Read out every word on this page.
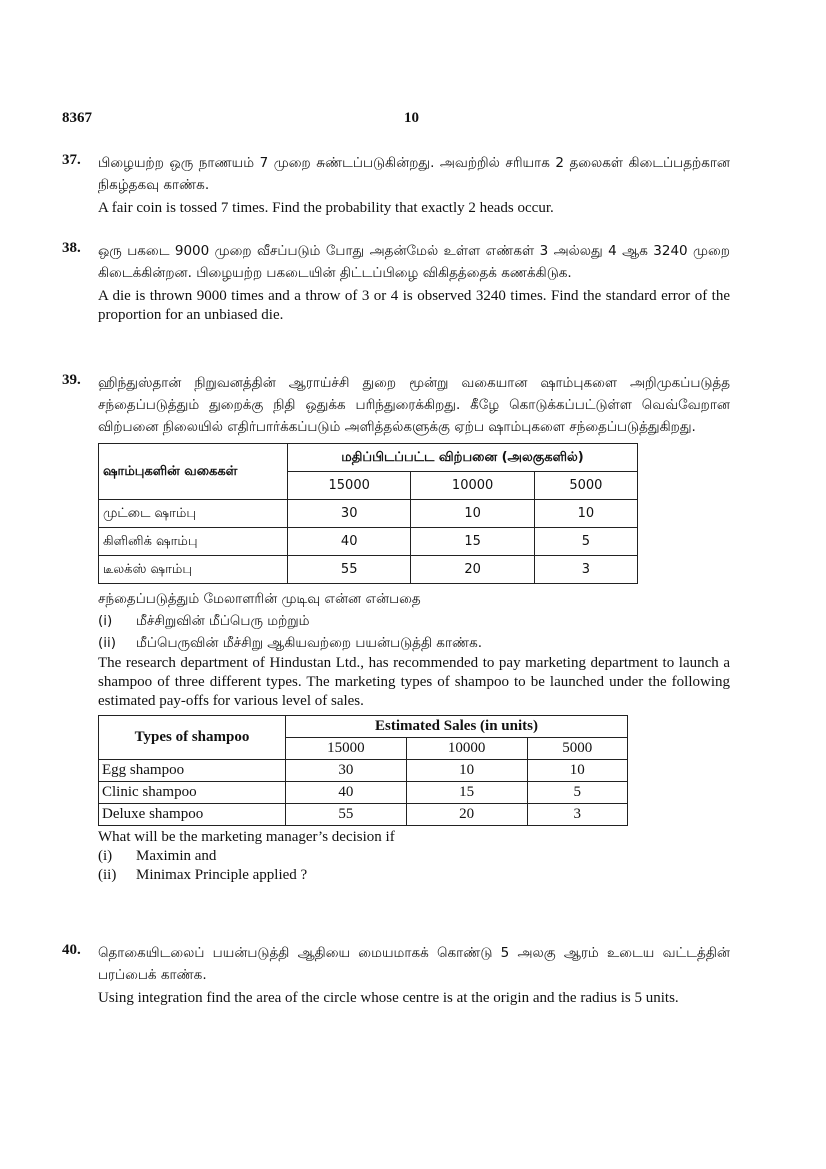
8367	10
37. பிழையற்ற ஒரு நாணயம் 7 முறை சுண்டப்படுகின்றது. அவற்றில் சரியாக 2 தலைகள் கிடைப்பதற்கான நிகழ்தகவு காண்க.
A fair coin is tossed 7 times. Find the probability that exactly 2 heads occur.
38. ஒரு பகடை 9000 முறை வீசப்படும் போது அதன்மேல் உள்ள எண்கள் 3 அல்லது 4 ஆக 3240 முறை கிடைக்கின்றன. பிழையற்ற பகடையின் திட்டப்பிழை விகிதத்தைக் கணக்கிடுக.
A die is thrown 9000 times and a throw of 3 or 4 is observed 3240 times. Find the standard error of the proportion for an unbiased die.
39. ஹிந்துஸ்தான் நிறுவனத்தின் ஆராய்ச்சி துறை மூன்று வகையான ஷாம்புகளை அறிமுகப்படுத்த சந்தைப்படுத்தும் துறைக்கு நிதி ஒதுக்க பரிந்துரைக்கிறது. கீழே கொடுக்கப்பட்டுள்ள வெவ்வேறான விற்பனை நிலையில் எதிர்பார்க்கப்படும் அளித்தல்களுக்கு ஏற்ப ஷாம்புகளை சந்தைப்படுத்துகிறது.
ஷாம்புகளின் வகைகள்	மதிப்பிடப்பட்ட விற்பனை (அலகுகளில்)		
	15000	10000	5000
முட்டை ஷாம்பு	30	10	10
கிளினிக் ஷாம்பு	40	15	5
டீலக்ஸ் ஷாம்பு	55	20	3
சந்தைப்படுத்தும் மேலாளரின் முடிவு என்ன என்பதை
(i)	மீச்சிறுவின் மீப்பெரு மற்றும்
(ii)	மீப்பெருவின் மீச்சிறு ஆகியவற்றை பயன்படுத்தி காண்க.
The research department of Hindustan Ltd., has recommended to pay marketing department to launch a shampoo of three different types. The marketing types of shampoo to be launched under the following estimated pay-offs for various level of sales.
Types of shampoo	Estimated Sales (in units)		
	15000	10000	5000
Egg shampoo	30	10	10
Clinic shampoo	40	15	5
Deluxe shampoo	55	20	3
What will be the marketing manager’s decision if
(i)	Maximin and
(ii)	Minimax Principle applied ?
40. தொகையிடலைப் பயன்படுத்தி ஆதியை மையமாகக் கொண்டு 5 அலகு ஆரம் உடைய வட்டத்தின் பரப்பைக் காண்க.
Using integration find the area of the circle whose centre is at the origin and the radius is 5 units.
